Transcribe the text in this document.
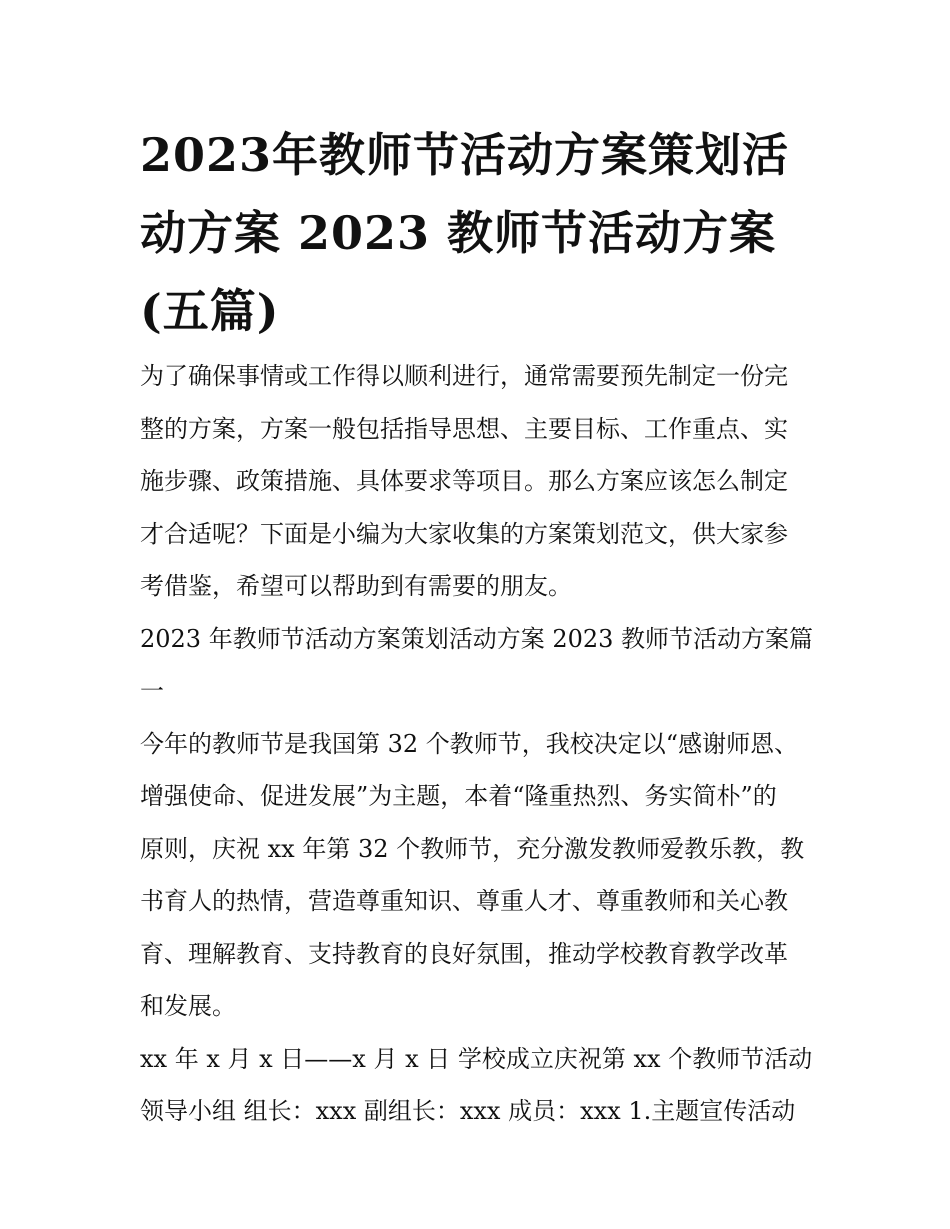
2023年教师节活动方案策划活
动方案 2023 教师节活动方案
(五篇)
为了确保事情或工作得以顺利进行，通常需要预先制定一份完
整的方案，方案一般包括指导思想、主要目标、工作重点、实
施步骤、政策措施、具体要求等项目。那么方案应该怎么制定
才合适呢？下面是小编为大家收集的方案策划范文，供大家参
考借鉴，希望可以帮助到有需要的朋友。
2023 年教师节活动方案策划活动方案 2023 教师节活动方案篇
一
今年的教师节是我国第 32 个教师节，我校决定以“感谢师恩、
增强使命、促进发展”为主题，本着“隆重热烈、务实简朴”的
原则，庆祝 xx 年第 32 个教师节，充分激发教师爱教乐教，教
书育人的热情，营造尊重知识、尊重人才、尊重教师和关心教
育、理解教育、支持教育的良好氛围，推动学校教育教学改革
和发展。
xx 年 x 月 x 日——x 月 x 日 学校成立庆祝第 xx 个教师节活动
领导小组 组长：xxx 副组长：xxx 成员：xxx 1.主题宣传活动
